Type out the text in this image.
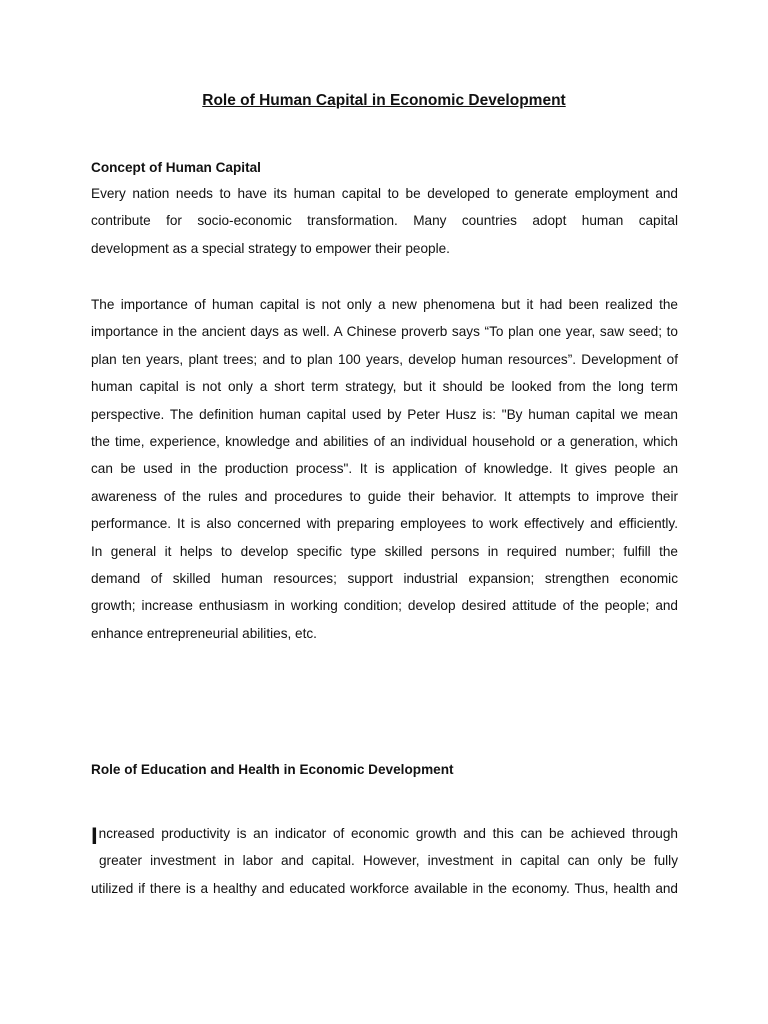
Role of Human Capital in Economic Development
Concept of Human Capital
Every nation needs to have its human capital to be developed to generate employment and
contribute for socio-economic transformation. Many countries adopt human capital
development as a special strategy to empower their people.
The importance of human capital is not only a new phenomena but it had been realized the
importance in the ancient days as well. A Chinese proverb says “To plan one year, saw seed; to
plan ten years, plant trees; and to plan 100 years, develop human resources”. Development of
human capital is not only a short term strategy, but it should be looked from the long term
perspective. The definition human capital used by Peter Husz is: "By human capital we mean
the time, experience, knowledge and abilities of an individual household or a generation, which
can be used in the production process". It is application of knowledge. It gives people an
awareness of the rules and procedures to guide their behavior. It attempts to improve their
performance. It is also concerned with preparing employees to work effectively and efficiently.
In general it helps to develop specific type skilled persons in required number; fulfill the
demand of skilled human resources; support industrial expansion; strengthen economic
growth; increase enthusiasm in working condition; develop desired attitude of the people; and
enhance entrepreneurial abilities, etc.
Role of Education and Health in Economic Development
Increased productivity is an indicator of economic growth and this can be achieved through
greater investment in labor and capital. However, investment in capital can only be fully
utilized if there is a healthy and educated workforce available in the economy. Thus, health and
